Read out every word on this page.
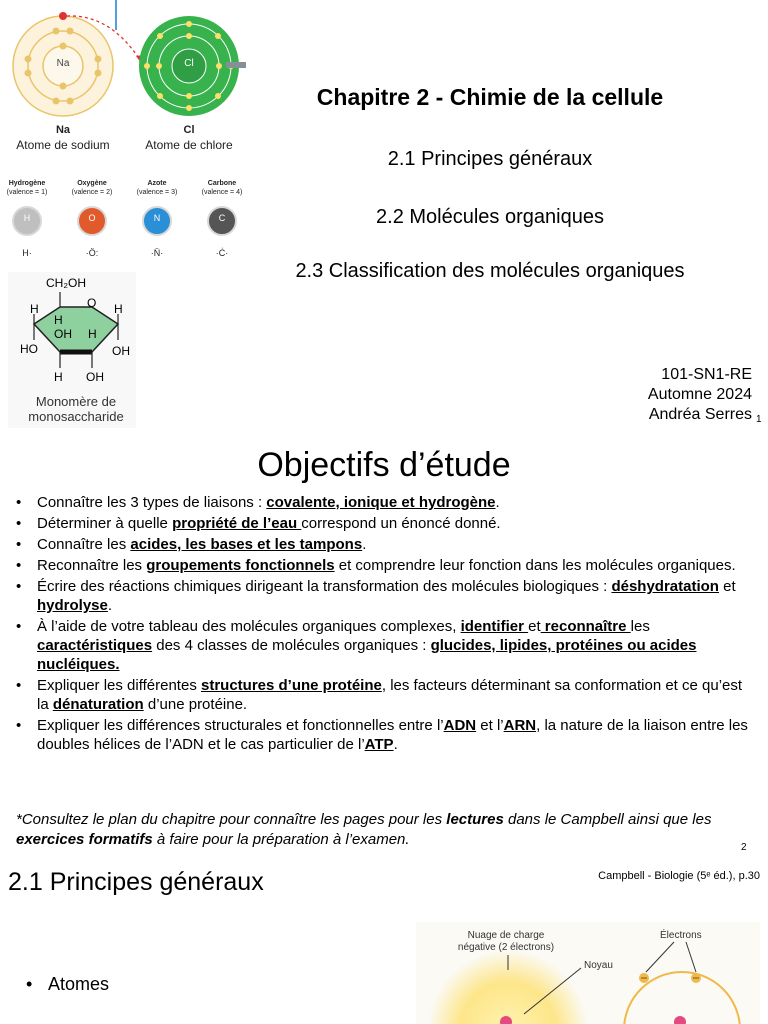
Na	Cl
Na
Atome de sodium
Cl
Atome de chlore
Hydrogène
(valence = 1)
H
H·
Oxygène
(valence = 2)
O
·Ö:
Azote
(valence = 3)
N
·N̈·
Carbone
(valence = 4)
C
·Ċ·
CH₂OH
O
H	H
H
OH H
HO	OH
H OH
Monomère de monosaccharide
Chapitre 2 - Chimie de la cellule
2.1 Principes généraux
2.2 Molécules organiques
2.3 Classification des molécules organiques
101-SN1-RE
Automne 2024
Andréa Serres 1
Objectifs d’étude
• Connaître les 3 types de liaisons : covalente, ionique et hydrogène.
• Déterminer à quelle propriété de l’eau correspond un énoncé donné.
• Connaître les acides, les bases et les tampons.
• Reconnaître les groupements fonctionnels et comprendre leur fonction dans les molécules organiques.
• Écrire des réactions chimiques dirigeant la transformation des molécules biologiques : déshydratation et hydrolyse.
• À l’aide de votre tableau des molécules organiques complexes, identifier et reconnaître les caractéristiques des 4 classes de molécules organiques : glucides, lipides, protéines ou acides nucléiques.
• Expliquer les différentes structures d’une protéine, les facteurs déterminant sa conformation et ce qu’est la dénaturation d’une protéine.
• Expliquer les différences structurales et fonctionnelles entre l’ADN et l’ARN, la nature de la liaison entre les doubles hélices de l’ADN et le cas particulier de l’ATP.
*Consultez le plan du chapitre pour connaître les pages pour les lectures dans le Campbell ainsi que les exercices formatifs à faire pour la préparation à l’examen.	2
2.1 Principes généraux	Campbell - Biologie (5ᵉ éd.), p.30
• Atomes
Nuage de charge négative (2 électrons)
Noyau
Électrons
